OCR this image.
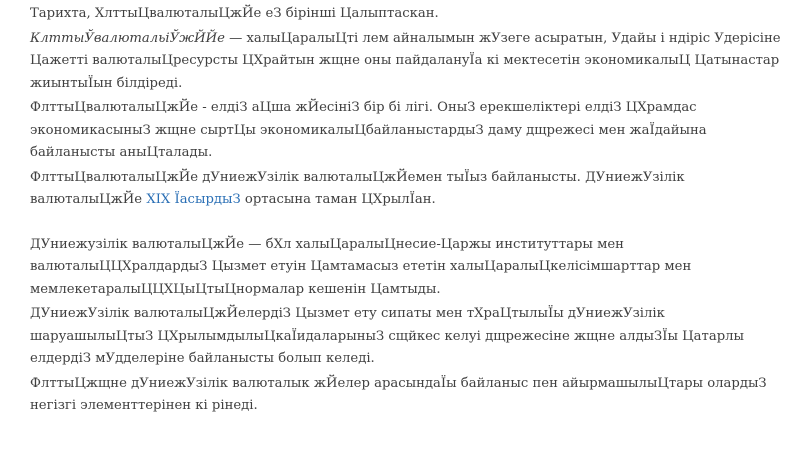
Тарихта, ХлттыЦвалюталыЦжЙе еЗ бірінші Цалыптаскан.

КлттыЎвалютальіЎжЙЙе — халыЦаралыЦті лем айналымын жУзеге асыратын, Удайы і ндіріс Удерісіне Цажетті валюталыЦресурсты ЦХрайтын жщне оны пайдаланyЇа кі мектесетін экономикалыЦ Цатынастар жиынтыЇын білдіреді.

ФлттыЦвалюталыЦжЙе - елдіЗ аЦша жЙесініЗ бір бі лігі. ОныЗ ерекшеліктері елдіЗ ЦХрамдас экономикасыныЗ жщне сыртЦы экономикалыЦбайланыстардыЗ даму дщрежесі мен жаЇдайына байланысты аныЦталады.

ФлттыЦвалюталыЦжЙе дУниежУзілік валюталыЦжЙемен тыЇыз байланысты. ДУниежУзілік валюталыЦжЙе XIX ЇасырдыЗ ортасына таман ЦХрылЇан.

ДУниежузілік валюталыЦжЙе — бХл халыЦаралыЦнесие-Царжы институттары мен валюталыЦЦХралдардыЗ Цызмет етуін Цамтамасыз ететін халыЦаралыЦкелісімшарттар мен мемлекетаралыЦЦХЦыЦтыЦнормалар кешенін Цамтыды.

ДУниежУзілік валюталыЦжЙелердіЗ Цызмет ету сипаты мен тХраЦтылыЇы дУниежУзілік шаруашылыЦтыЗ ЦХрылымдылыЦкаЇидаларыныЗ сщйкес келуі дщрежесіне жщне алдыЗЇы Цатарлы елдердіЗ мУдделеріне байланысты болып келеді.

ФлттыЦжщне дУниежУзілік валюталык жЙелер арасындаЇы байланыс пен айырмашылыЦтары олардыЗ негізгі элементтерінен кі рінеді.
